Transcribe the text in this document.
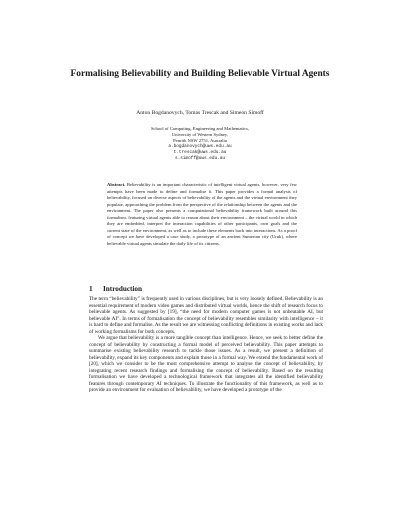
Formalising Believability and Building Believable Virtual Agents
Anton Bogdanovych, Tomas Trescak and Simeon Simoff
School of Computing, Engineering and Mathematics,
University of Western Sydney,
Penrith NSW 2751, Australia
a.bogdanovych@uws.edu.au
t.trescak@uws.edu.au
s.simoff@uws.edu.au
Abstract. Believability is an important characteristic of intelligent virtual agents, however, very few attempts have been made to define and formalise it. This paper provides a formal analysis of believability, focused on diverse aspects of believability of the agents and the virtual environment they populate, approaching the problem from the perspective of the relationship between the agents and the environment. The paper also presents a computational believability framework built around this formalism, featuring virtual agents able to reason about their environment – the virtual world in which they are embedded, interpret the interaction capabilities of other participants, own goals and the current state of the environment, as well as to include these elements back into interactions. As a proof of concept we have developed a case study, a prototype of an ancient Sumerian city (Uruk), where believable virtual agents simulate the daily life of its citizens.
1 Introduction

The term “believability” is frequently used in various disciplines, but is very loosely defined. Believability is an essential requirement of modern video games and distributed virtual worlds, hence the shift of research focus to believable agents. As suggested by [19], “the need for modern computer games is not unbeatable AI, but believable AI”. In terms of formalisation the concept of believability resembles similarity with intelligence – it is hard to define and formalise. As the result we are witnessing conflicting definitions in existing works and lack of working formalisms for both concepts.

We argue that believability is a more tangible concept than intelligence. Hence, we seek to better define the concept of believability by constructing a formal model of perceived believability. This paper attempts to summarise existing believability research to tackle those issues. As a result, we present a definition of believability, expand its key components and explain those in a formal way. We extend the fundamental work of [20], which we consider to be the most comprehensive attempt to analyse the concept of believability, by integrating recent research findings and formalising the concept of believability. Based on the resulting formalisation we have developed a technological framework that integrates all the identified believability features through contemporary AI techniques. To illustrate the functionality of this framework, as well as to provide an environment for evaluation of believability, we have developed a prototype of the
